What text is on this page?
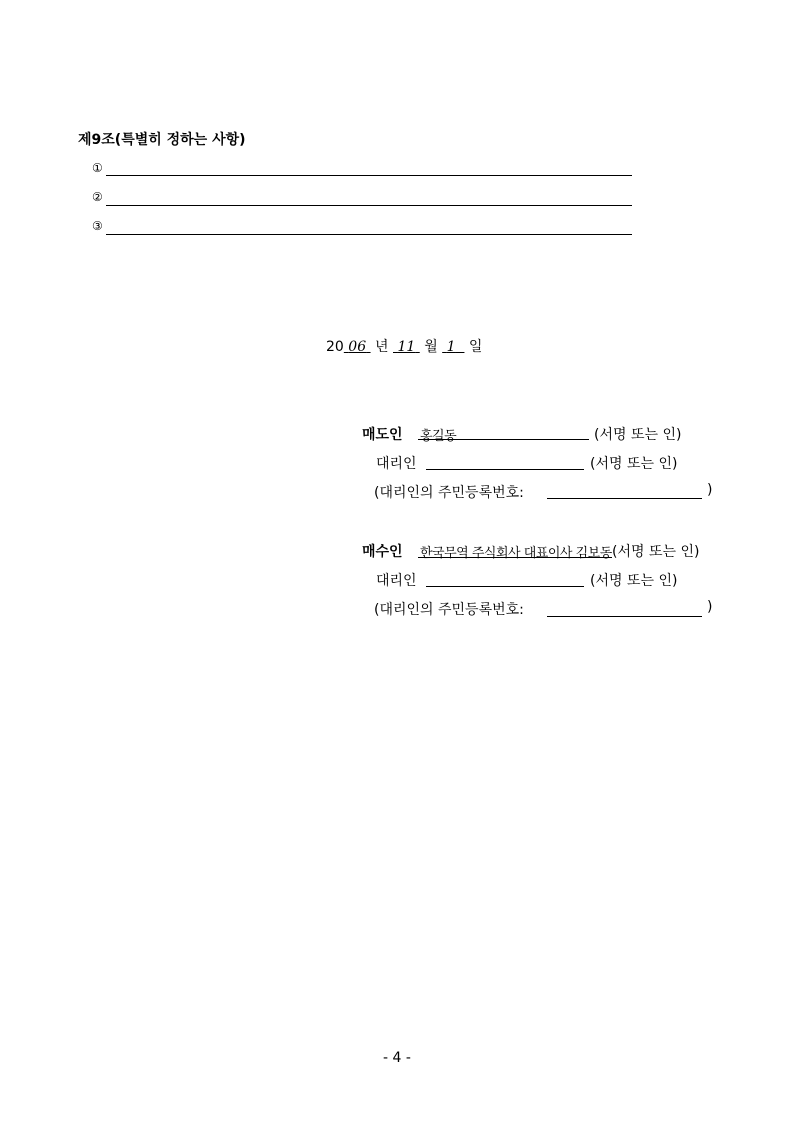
제9조(특별히 정하는 사항)
①
②
③
20 06 년 11 월 1 일
매도인 홍길동	(서명 또는 인)
대리인	(서명 또는 인)
(대리인의 주민등록번호:	)
매수인 한국무역 주식회사 대표이사 김보동 (서명 또는 인)
대리인	(서명 또는 인)
(대리인의 주민등록번호:	)
- 4 -
